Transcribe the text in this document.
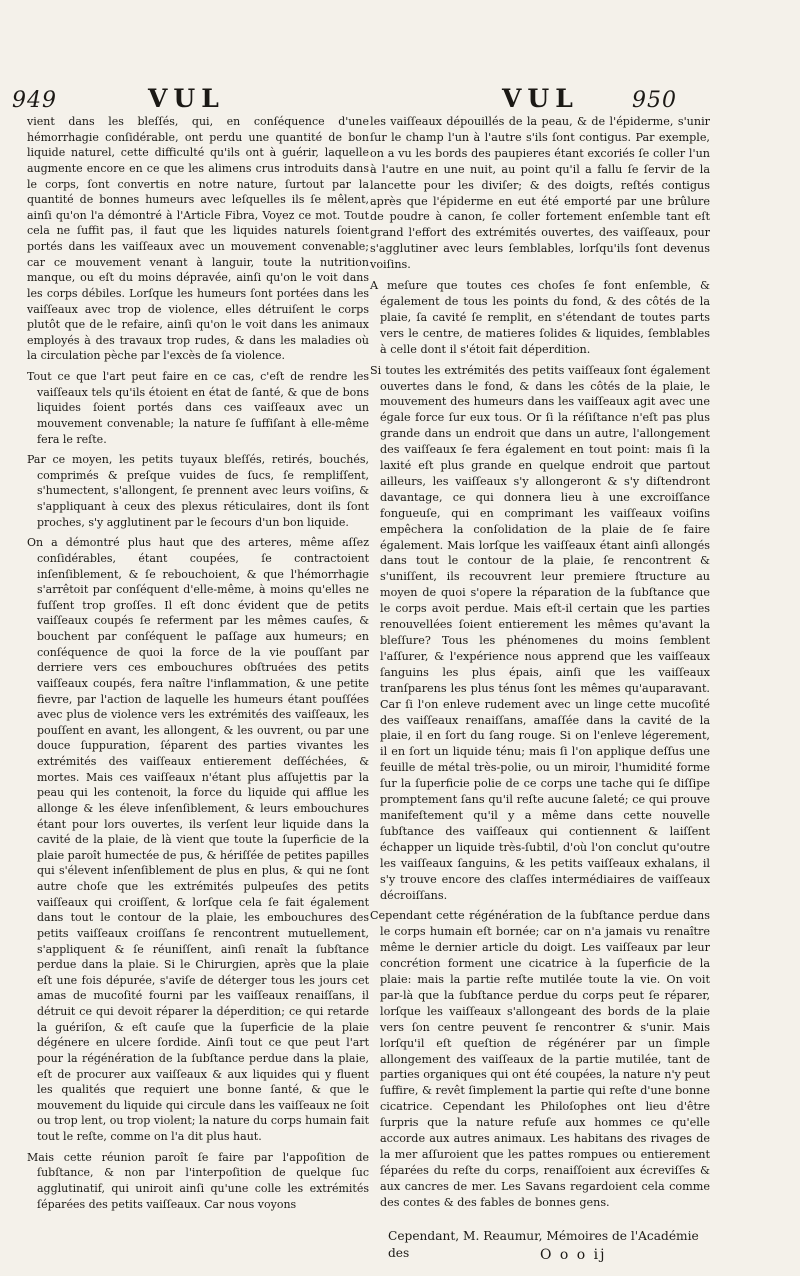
949	VUL	VUL 950

vient dans les bleſſés, qui, en conſéquence d'une hémorrhagie conſidérable, ont perdu une quantité de bon liquide naturel, cette difficulté qu'ils ont à guérir, laquelle augmente encore en ce que les alimens crus introduits dans le corps, ſont convertis en notre nature, ſurtout par la quantité de bonnes humeurs avec leſquelles ils ſe mêlent, ainſi qu'on l'a démontré à l'Article Fibra, Voyez ce mot. Tout cela ne ſuffit pas, il faut que les liquides naturels ſoient portés dans les vaiſſeaux avec un mouvement convenable; car ce mouvement venant à languir, toute la nutrition manque, ou eſt du moins dépravée, ainſi qu'on le voit dans les corps débiles. Lorſque les humeurs ſont portées dans les vaiſſeaux avec trop de violence, elles détruiſent le corps plutôt que de le refaire, ainſi qu'on le voit dans les animaux employés à des travaux trop rudes, & dans les maladies où la circulation pèche par l'excès de ſa violence.

Tout ce que l'art peut faire en ce cas, c'eſt de rendre les vaiſſeaux tels qu'ils étoient en état de ſanté, & que de bons liquides ſoient portés dans ces vaiſſeaux avec un mouvement convenable; la nature ſe ſuffiſant à elle-même fera le reſte.

Par ce moyen, les petits tuyaux bleſſés, retirés, bouchés, comprimés & preſque vuides de ſucs, ſe rempliſſent, s'humectent, s'allongent, ſe prennent avec leurs voiſins, & s'appliquant à ceux des plexus réticulaires, dont ils ſont proches, s'y agglutinent par le ſecours d'un bon liquide.

On a démontré plus haut que des arteres, même aſſez conſidérables, étant coupées, ſe contractoient inſenſiblement, & ſe rebouchoient, & que l'hémorrhagie s'arrêtoit par conſéquent d'elle-même, à moins qu'elles ne fuſſent trop groſſes. Il eſt donc évident que de petits vaiſſeaux coupés ſe referment par les mêmes cauſes, & bouchent par conſéquent le paſſage aux humeurs; en conſéquence de quoi la force de la vie pouſſant par derriere vers ces embouchures obſtruées des petits vaiſſeaux coupés, fera naître l'inflammation, & une petite fievre, par l'action de laquelle les humeurs étant pouſſées avec plus de violence vers les extrémités des vaiſſeaux, les pouſſent en avant, les allongent, & les ouvrent, ou par une douce ſuppuration, ſéparent des parties vivantes les extrémités des vaiſſeaux entierement deſſéchées, & mortes. Mais ces vaiſſeaux n'étant plus aſſujettis par la peau qui les contenoit, la force du liquide qui afflue les allonge & les éleve inſenſiblement, & leurs embouchures étant pour lors ouvertes, ils verſent leur liquide dans la cavité de la plaie, de là vient que toute la ſuperficie de la plaie paroît humectée de pus, & hériſſée de petites papilles qui s'élevent inſenſiblement de plus en plus, & qui ne ſont autre choſe que les extrémités pulpeuſes des petits vaiſſeaux qui croiſſent, & lorſque cela ſe fait également dans tout le contour de la plaie, les embouchures des petits vaiſſeaux croiſſans ſe rencontrent mutuellement, s'appliquent & ſe réuniſſent, ainſi renaît la ſubſtance perdue dans la plaie. Si le Chirurgien, après que la plaie eſt une fois dépurée, s'aviſe de déterger tous les jours cet amas de mucoſité fourni par les vaiſſeaux renaiſſans, il détruit ce qui devoit réparer la déperdition; ce qui retarde la guériſon, & eſt cauſe que la ſuperficie de la plaie dégénere en ulcere ſordide. Ainſi tout ce que peut l'art pour la régénération de la ſubſtance perdue dans la plaie, eſt de procurer aux vaiſſeaux & aux liquides qui y fluent les qualités que requiert une bonne ſanté, & que le mouvement du liquide qui circule dans les vaiſſeaux ne ſoit ou trop lent, ou trop violent; la nature du corps humain fait tout le reſte, comme on l'a dit plus haut.

Mais cette réunion paroît ſe faire par l'appoſition de ſubſtance, & non par l'interpoſition de quelque ſuc agglutinatif, qui uniroit ainſi qu'une colle les extrémités ſéparées des petits vaiſſeaux. Car nous voyons

les vaiſſeaux dépouillés de la peau, & de l'épiderme, s'unir ſur le champ l'un à l'autre s'ils ſont contigus. Par exemple, on a vu les bords des paupieres étant excoriés ſe coller l'un à l'autre en une nuit, au point qu'il a fallu ſe ſervir de la lancette pour les diviſer; & des doigts, reſtés contigus après que l'épiderme en eut été emporté par une brûlure de poudre à canon, ſe coller fortement enſemble tant eſt grand l'effort des extrémités ouvertes, des vaiſſeaux, pour s'agglutiner avec leurs ſemblables, lorſqu'ils ſont devenus voiſins.

A meſure que toutes ces choſes ſe font enſemble, & également de tous les points du fond, & des côtés de la plaie, ſa cavité ſe remplit, en s'étendant de toutes parts vers le centre, de matieres ſolides & liquides, ſemblables à celle dont il s'étoit fait déperdition.

Si toutes les extrémités des petits vaiſſeaux ſont également ouvertes dans le fond, & dans les côtés de la plaie, le mouvement des humeurs dans les vaiſſeaux agit avec une égale force ſur eux tous. Or ſi la réſiſtance n'eſt pas plus grande dans un endroit que dans un autre, l'allongement des vaiſſeaux ſe fera également en tout point: mais ſi la laxité eſt plus grande en quelque endroit que partout ailleurs, les vaiſſeaux s'y allongeront & s'y diſtendront davantage, ce qui donnera lieu à une excroiſſance fongueuſe, qui en comprimant les vaiſſeaux voiſins empêchera la conſolidation de la plaie de ſe faire également. Mais lorſque les vaiſſeaux étant ainſi allongés dans tout le contour de la plaie, ſe rencontrent & s'uniſſent, ils recouvrent leur premiere ſtructure au moyen de quoi s'opere la réparation de la ſubſtance que le corps avoit perdue. Mais eſt-il certain que les parties renouvellées ſoient entierement les mêmes qu'avant la bleſſure? Tous les phénomenes du moins ſemblent l'aſſurer, & l'expérience nous apprend que les vaiſſeaux ſanguins les plus épais, ainſi que les vaiſſeaux tranſparens les plus ténus ſont les mêmes qu'auparavant. Car ſi l'on enleve rudement avec un linge cette mucoſité des vaiſſeaux renaiſſans, amaſſée dans la cavité de la plaie, il en ſort du ſang rouge. Si on l'enleve légerement, il en ſort un liquide ténu; mais ſi l'on applique deſſus une feuille de métal très-polie, ou un miroir, l'humidité forme ſur la ſuperficie polie de ce corps une tache qui ſe diſſipe promptement ſans qu'il reſte aucune ſaleté; ce qui prouve manifeſtement qu'il y a même dans cette nouvelle ſubſtance des vaiſſeaux qui contiennent & laiſſent échapper un liquide très-ſubtil, d'où l'on conclut qu'outre les vaiſſeaux ſanguins, & les petits vaiſſeaux exhalans, il s'y trouve encore des claſſes intermédiaires de vaiſſeaux décroiſſans.

Cependant cette régénération de la ſubſtance perdue dans le corps humain eſt bornée; car on n'a jamais vu renaître même le dernier article du doigt. Les vaiſſeaux par leur concrétion forment une cicatrice à la ſuperficie de la plaie: mais la partie reſte mutilée toute la vie. On voit par-là que la ſubſtance perdue du corps peut ſe réparer, lorſque les vaiſſeaux s'allongeant des bords de la plaie vers ſon centre peuvent ſe rencontrer & s'unir. Mais lorſqu'il eſt queſtion de régénérer par un ſimple allongement des vaiſſeaux de la partie mutilée, tant de parties organiques qui ont été coupées, la nature n'y peut ſuffire, & revêt ſimplement la partie qui reſte d'une bonne cicatrice. Cependant les Philoſophes ont lieu d'être ſurpris que la nature refuſe aux hommes ce qu'elle accorde aux autres animaux. Les habitans des rivages de la mer aſſuroient que les pattes rompues ou entierement ſéparées du reſte du corps, renaiſſoient aux écreviſſes & aux cancres de mer. Les Savans regardoient cela comme des contes & des fables de bonnes gens.

Cependant, M. Reaumur, Mémoires de l'Académie des	O o o ij
